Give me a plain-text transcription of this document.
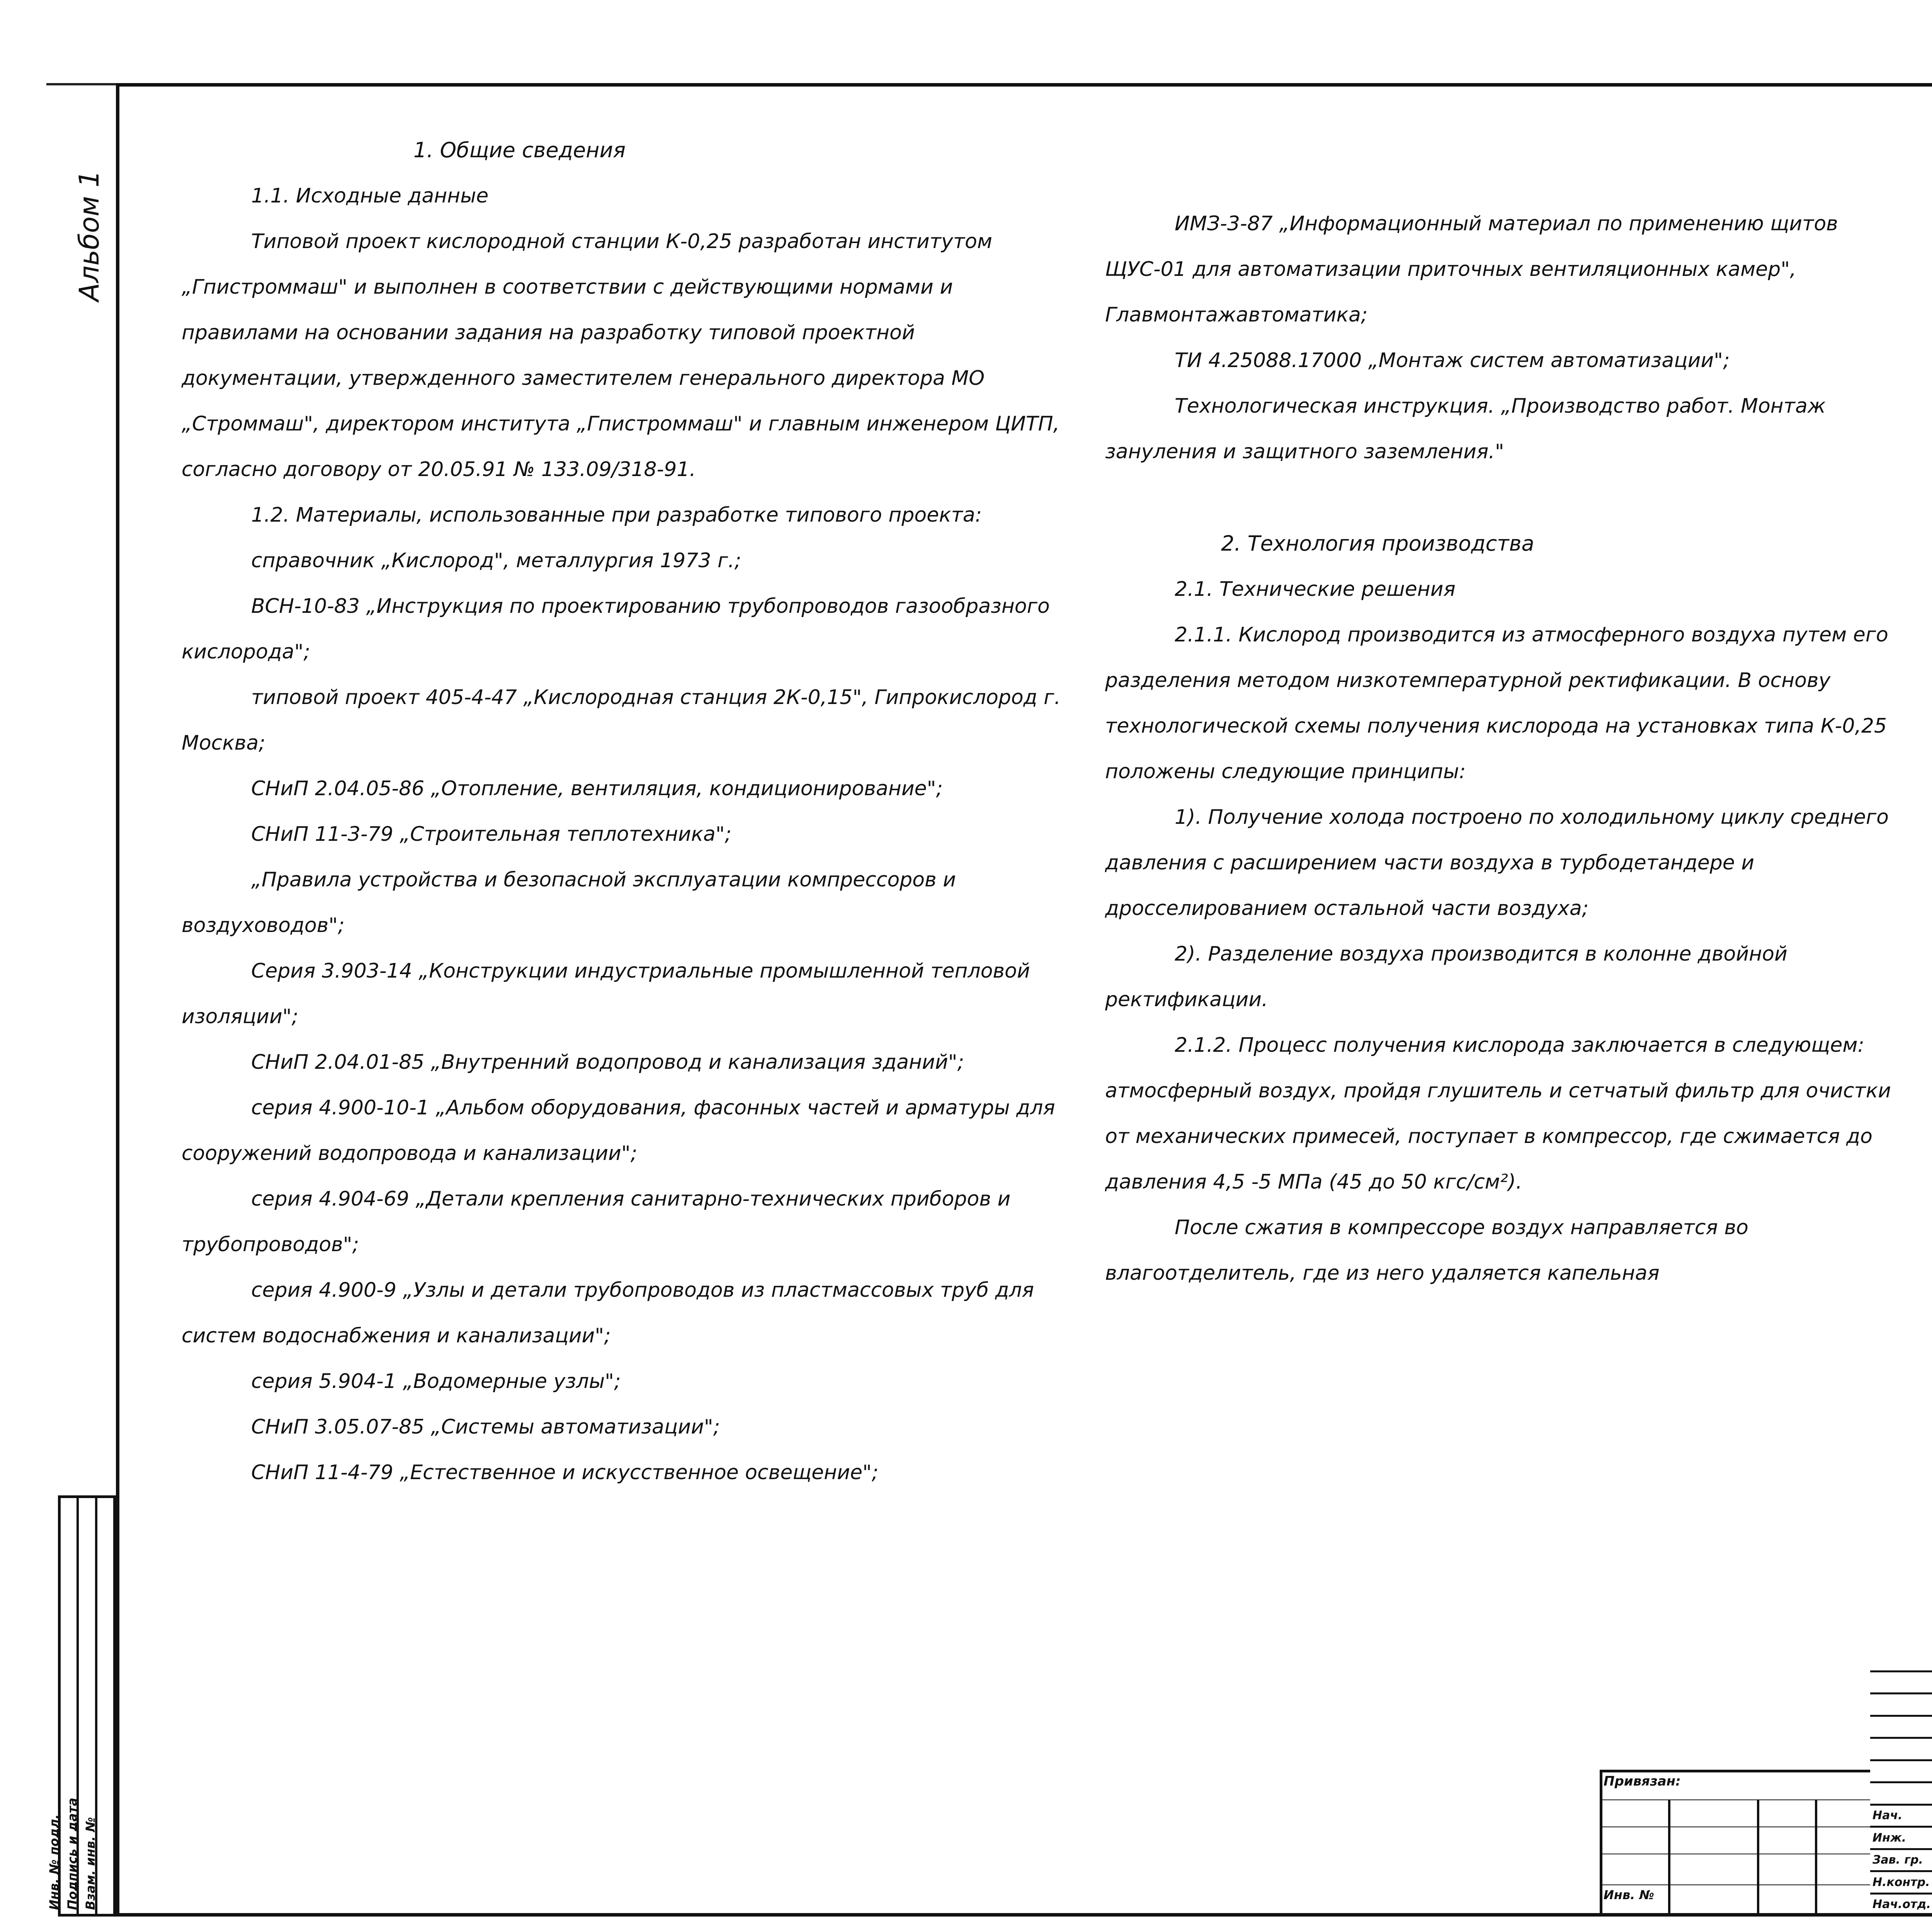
Альбом 1
Инв. № подл. Подпись и дата Взам. инв. №

1. Общие сведения

1.1. Исходные данные

Типовой проект кислородной станции К-0,25 разработан институтом „Гпистроммаш" и выполнен в соответствии с действующими нормами и правилами на основании задания на разработку типовой проектной документации, утвержденного заместителем генерального директора МО „Строммаш", директором института „Гпистроммаш" и главным инженером ЦИТП, согласно договору от 20.05.91 № 133.09/318-91.

1.2. Материалы, использованные при разработке типового проекта:

справочник „Кислород", металлургия 1973 г.;

ВСН-10-83 „Инструкция по проектированию трубопроводов газообразного кислорода";

типовой проект 405-4-47 „Кислородная станция 2К-0,15", Гипрокислород г. Москва;

СНиП 2.04.05-86 „Отопление, вентиляция, кондиционирование";

СНиП 11-3-79 „Строительная теплотехника";

„Правила устройства и безопасной эксплуатации компрессоров и воздуховодов";

Серия 3.903-14 „Конструкции индустриальные промышленной тепловой изоляции";

СНиП 2.04.01-85 „Внутренний водопровод и канализация зданий";

серия 4.900-10-1 „Альбом оборудования, фасонных частей и арматуры для сооружений водопровода и канализации";

серия 4.904-69 „Детали крепления санитарно-технических приборов и трубопроводов";

серия 4.900-9 „Узлы и детали трубопроводов из пластмассовых труб для систем водоснабжения и канализации";

серия 5.904-1 „Водомерные узлы";

СНиП 3.05.07-85 „Системы автоматизации";

СНиП 11-4-79 „Естественное и искусственное освещение";

ИМЗ-3-87 „Информационный материал по применению щитов ЩУС-01 для автоматизации приточных вентиляционных камер", Главмонтажавтоматика;

ТИ 4.25088.17000 „Монтаж систем автоматизации";

Технологическая инструкция. „Производство работ. Монтаж зануления и защитного заземления."

2. Технология производства

2.1. Технические решения

2.1.1. Кислород производится из атмосферного воздуха путем его разделения методом низкотемпературной ректификации. В основу технологической схемы получения кислорода на установках типа К-0,25 положены следующие принципы:

1). Получение холода построено по холодильному циклу среднего давления с расширением части воздуха в турбодетандере и дросселированием остальной части воздуха;

2). Разделение воздуха производится в колонне двойной ректификации.

2.1.2. Процесс получения кислорода заключается в следующем: атмосферный воздух, пройдя глушитель и сетчатый фильтр для очистки от механических примесей, поступает в компрессор, где сжимается до давления 4,5 -5 МПа (45 до 50 кгс/см²).

После сжатия в компрессоре воздух направляется во влагоотделитель, где из него удаляется капельная

Привязан:
Инв. №
Нач.
Инж.
Зав. гр.
Н.контр.
Нач.отд.
